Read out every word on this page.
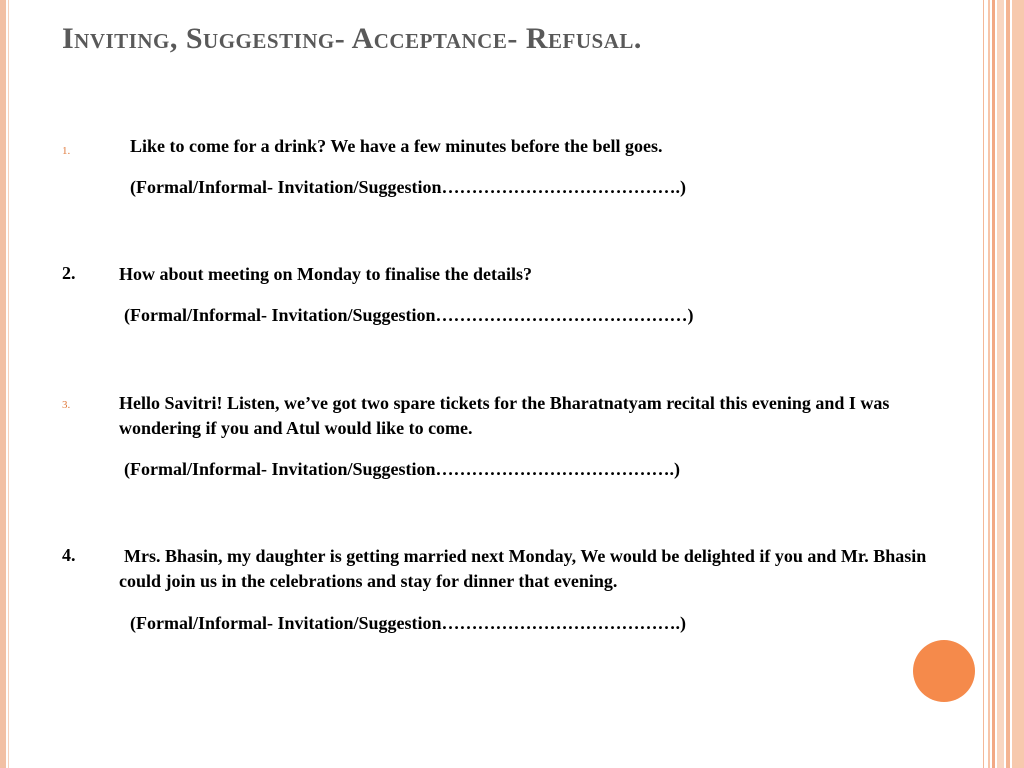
Inviting, Suggesting- Acceptance- Refusal.
1.	Like to come for a drink? We have a few minutes before the bell goes.
(Formal/Informal- Invitation/Suggestion………………………………….)
2. How about meeting on Monday to finalise the details?
(Formal/Informal- Invitation/Suggestion……………………………………)
3.	Hello Savitri! Listen, we’ve got two spare tickets for the Bharatnatyam recital this evening and I was wondering if you and Atul would like to come.
(Formal/Informal- Invitation/Suggestion………………………………….)
4.	Mrs. Bhasin, my daughter is getting married next Monday, We would be delighted if you and Mr. Bhasin could join us in the celebrations and stay for dinner that evening.
(Formal/Informal- Invitation/Suggestion………………………………….)
